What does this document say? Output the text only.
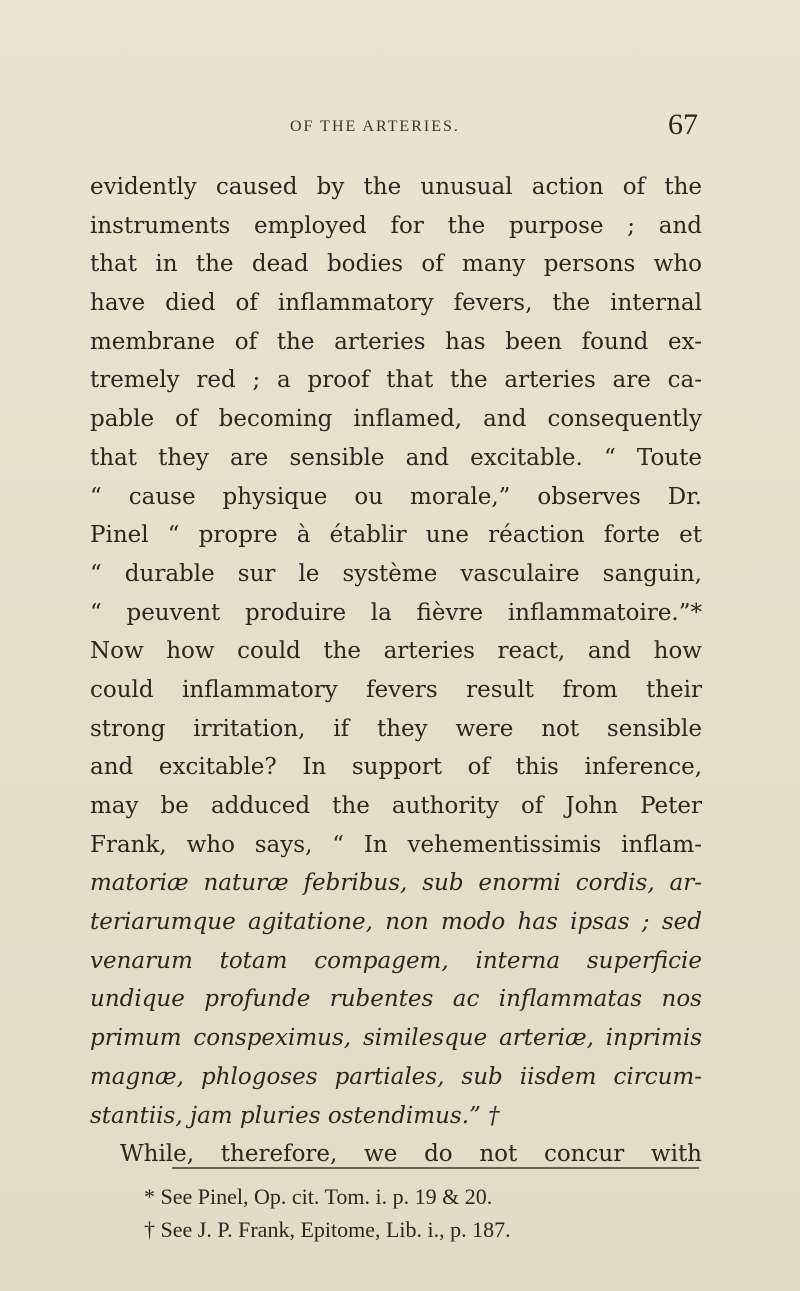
OF THE ARTERIES.	67
evidently caused by the unusual action of the
instruments employed for the purpose ; and
that in the dead bodies of many persons who
have died of inflammatory fevers, the internal
membrane of the arteries has been found ex-
tremely red ; a proof that the arteries are ca-
pable of becoming inflamed, and consequently
that they are sensible and excitable. “ Toute
“ cause physique ou morale,” observes Dr.
Pinel “ propre à établir une réaction forte et
“ durable sur le système vasculaire sanguin,
“ peuvent produire la fièvre inflammatoire.”*
Now how could the arteries react, and how
could inflammatory fevers result from their
strong irritation, if they were not sensible
and excitable? In support of this inference,
may be adduced the authority of John Peter
Frank, who says, “ In vehementissimis inflam-
matoriæ naturæ febribus, sub enormi cordis, ar-
teriarumque agitatione, non modo has ipsas ; sed
venarum totam compagem, interna superficie
undique profunde rubentes ac inflammatas nos
primum conspeximus, similesque arteriæ, inprimis
magnæ, phlogoses partiales, sub iisdem circum-
stantiis, jam pluries ostendimus.” †
While, therefore, we do not concur with
* See Pinel, Op. cit. Tom. i. p. 19 & 20.
† See J. P. Frank, Epitome, Lib. i., p. 187.
